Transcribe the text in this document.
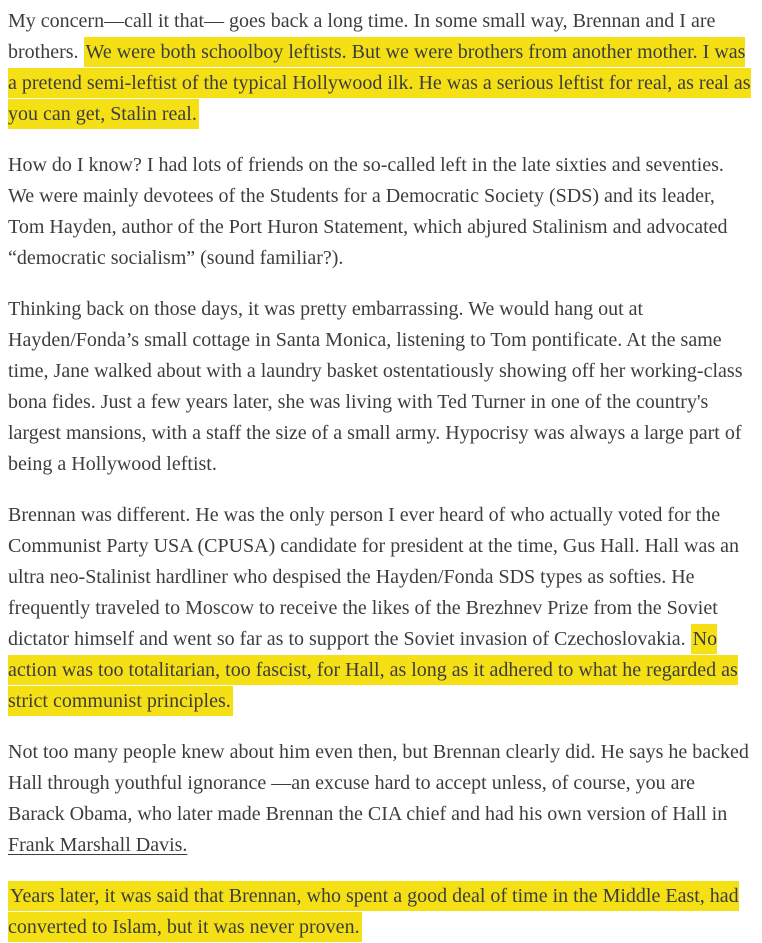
My concern—call it that— goes back a long time. In some small way, Brennan and I are brothers. We were both schoolboy leftists. But we were brothers from another mother. I was a pretend semi-leftist of the typical Hollywood ilk. He was a serious leftist for real, as real as you can get, Stalin real.

How do I know? I had lots of friends on the so-called left in the late sixties and seventies. We were mainly devotees of the Students for a Democratic Society (SDS) and its leader, Tom Hayden, author of the Port Huron Statement, which abjured Stalinism and advocated “democratic socialism” (sound familiar?).

Thinking back on those days, it was pretty embarrassing. We would hang out at Hayden/Fonda’s small cottage in Santa Monica, listening to Tom pontificate. At the same time, Jane walked about with a laundry basket ostentatiously showing off her working-class bona fides. Just a few years later, she was living with Ted Turner in one of the country's largest mansions, with a staff the size of a small army. Hypocrisy was always a large part of being a Hollywood leftist.

Brennan was different. He was the only person I ever heard of who actually voted for the Communist Party USA (CPUSA) candidate for president at the time, Gus Hall. Hall was an ultra neo-Stalinist hardliner who despised the Hayden/Fonda SDS types as softies. He frequently traveled to Moscow to receive the likes of the Brezhnev Prize from the Soviet dictator himself and went so far as to support the Soviet invasion of Czechoslovakia. No action was too totalitarian, too fascist, for Hall, as long as it adhered to what he regarded as strict communist principles.

Not too many people knew about him even then, but Brennan clearly did. He says he backed Hall through youthful ignorance —an excuse hard to accept unless, of course, you are Barack Obama, who later made Brennan the CIA chief and had his own version of Hall in Frank Marshall Davis.

Years later, it was said that Brennan, who spent a good deal of time in the Middle East, had converted to Islam, but it was never proven.
